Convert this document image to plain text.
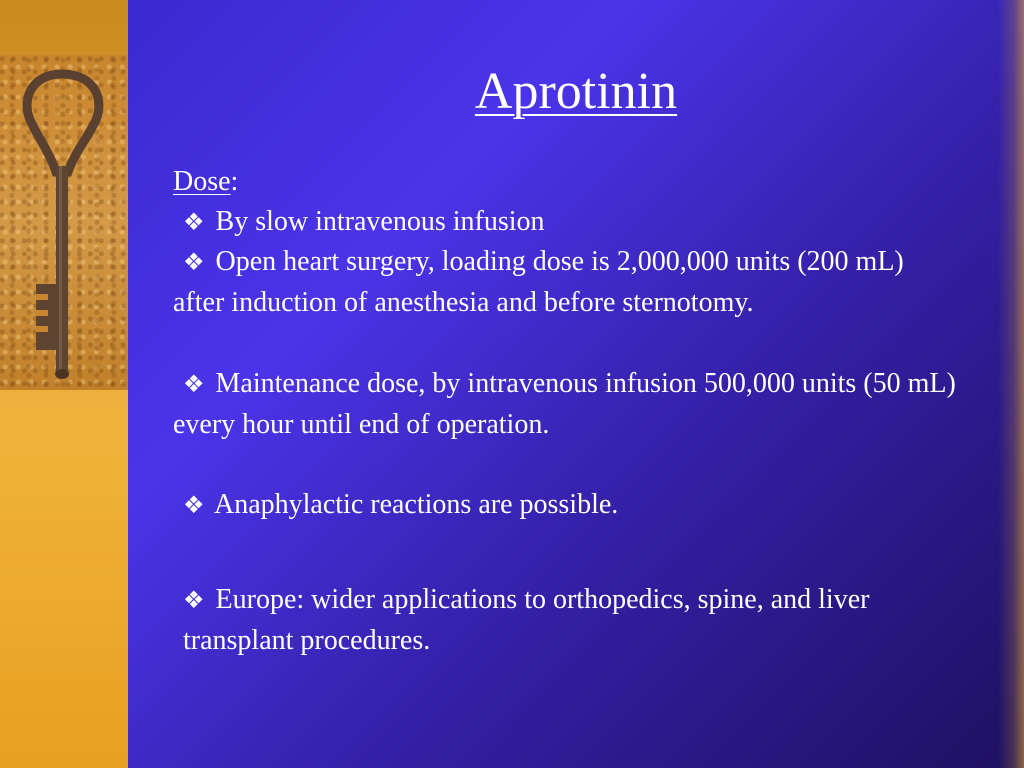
Aprotinin
Dose:
❖ By slow intravenous infusion
❖ Open heart surgery, loading dose is 2,000,000 units (200 mL) after induction of anesthesia and before sternotomy.
❖ Maintenance dose, by intravenous infusion 500,000 units (50 mL) every hour until end of operation.
❖ Anaphylactic reactions are possible.
❖ Europe: wider applications to orthopedics, spine, and liver transplant procedures.
